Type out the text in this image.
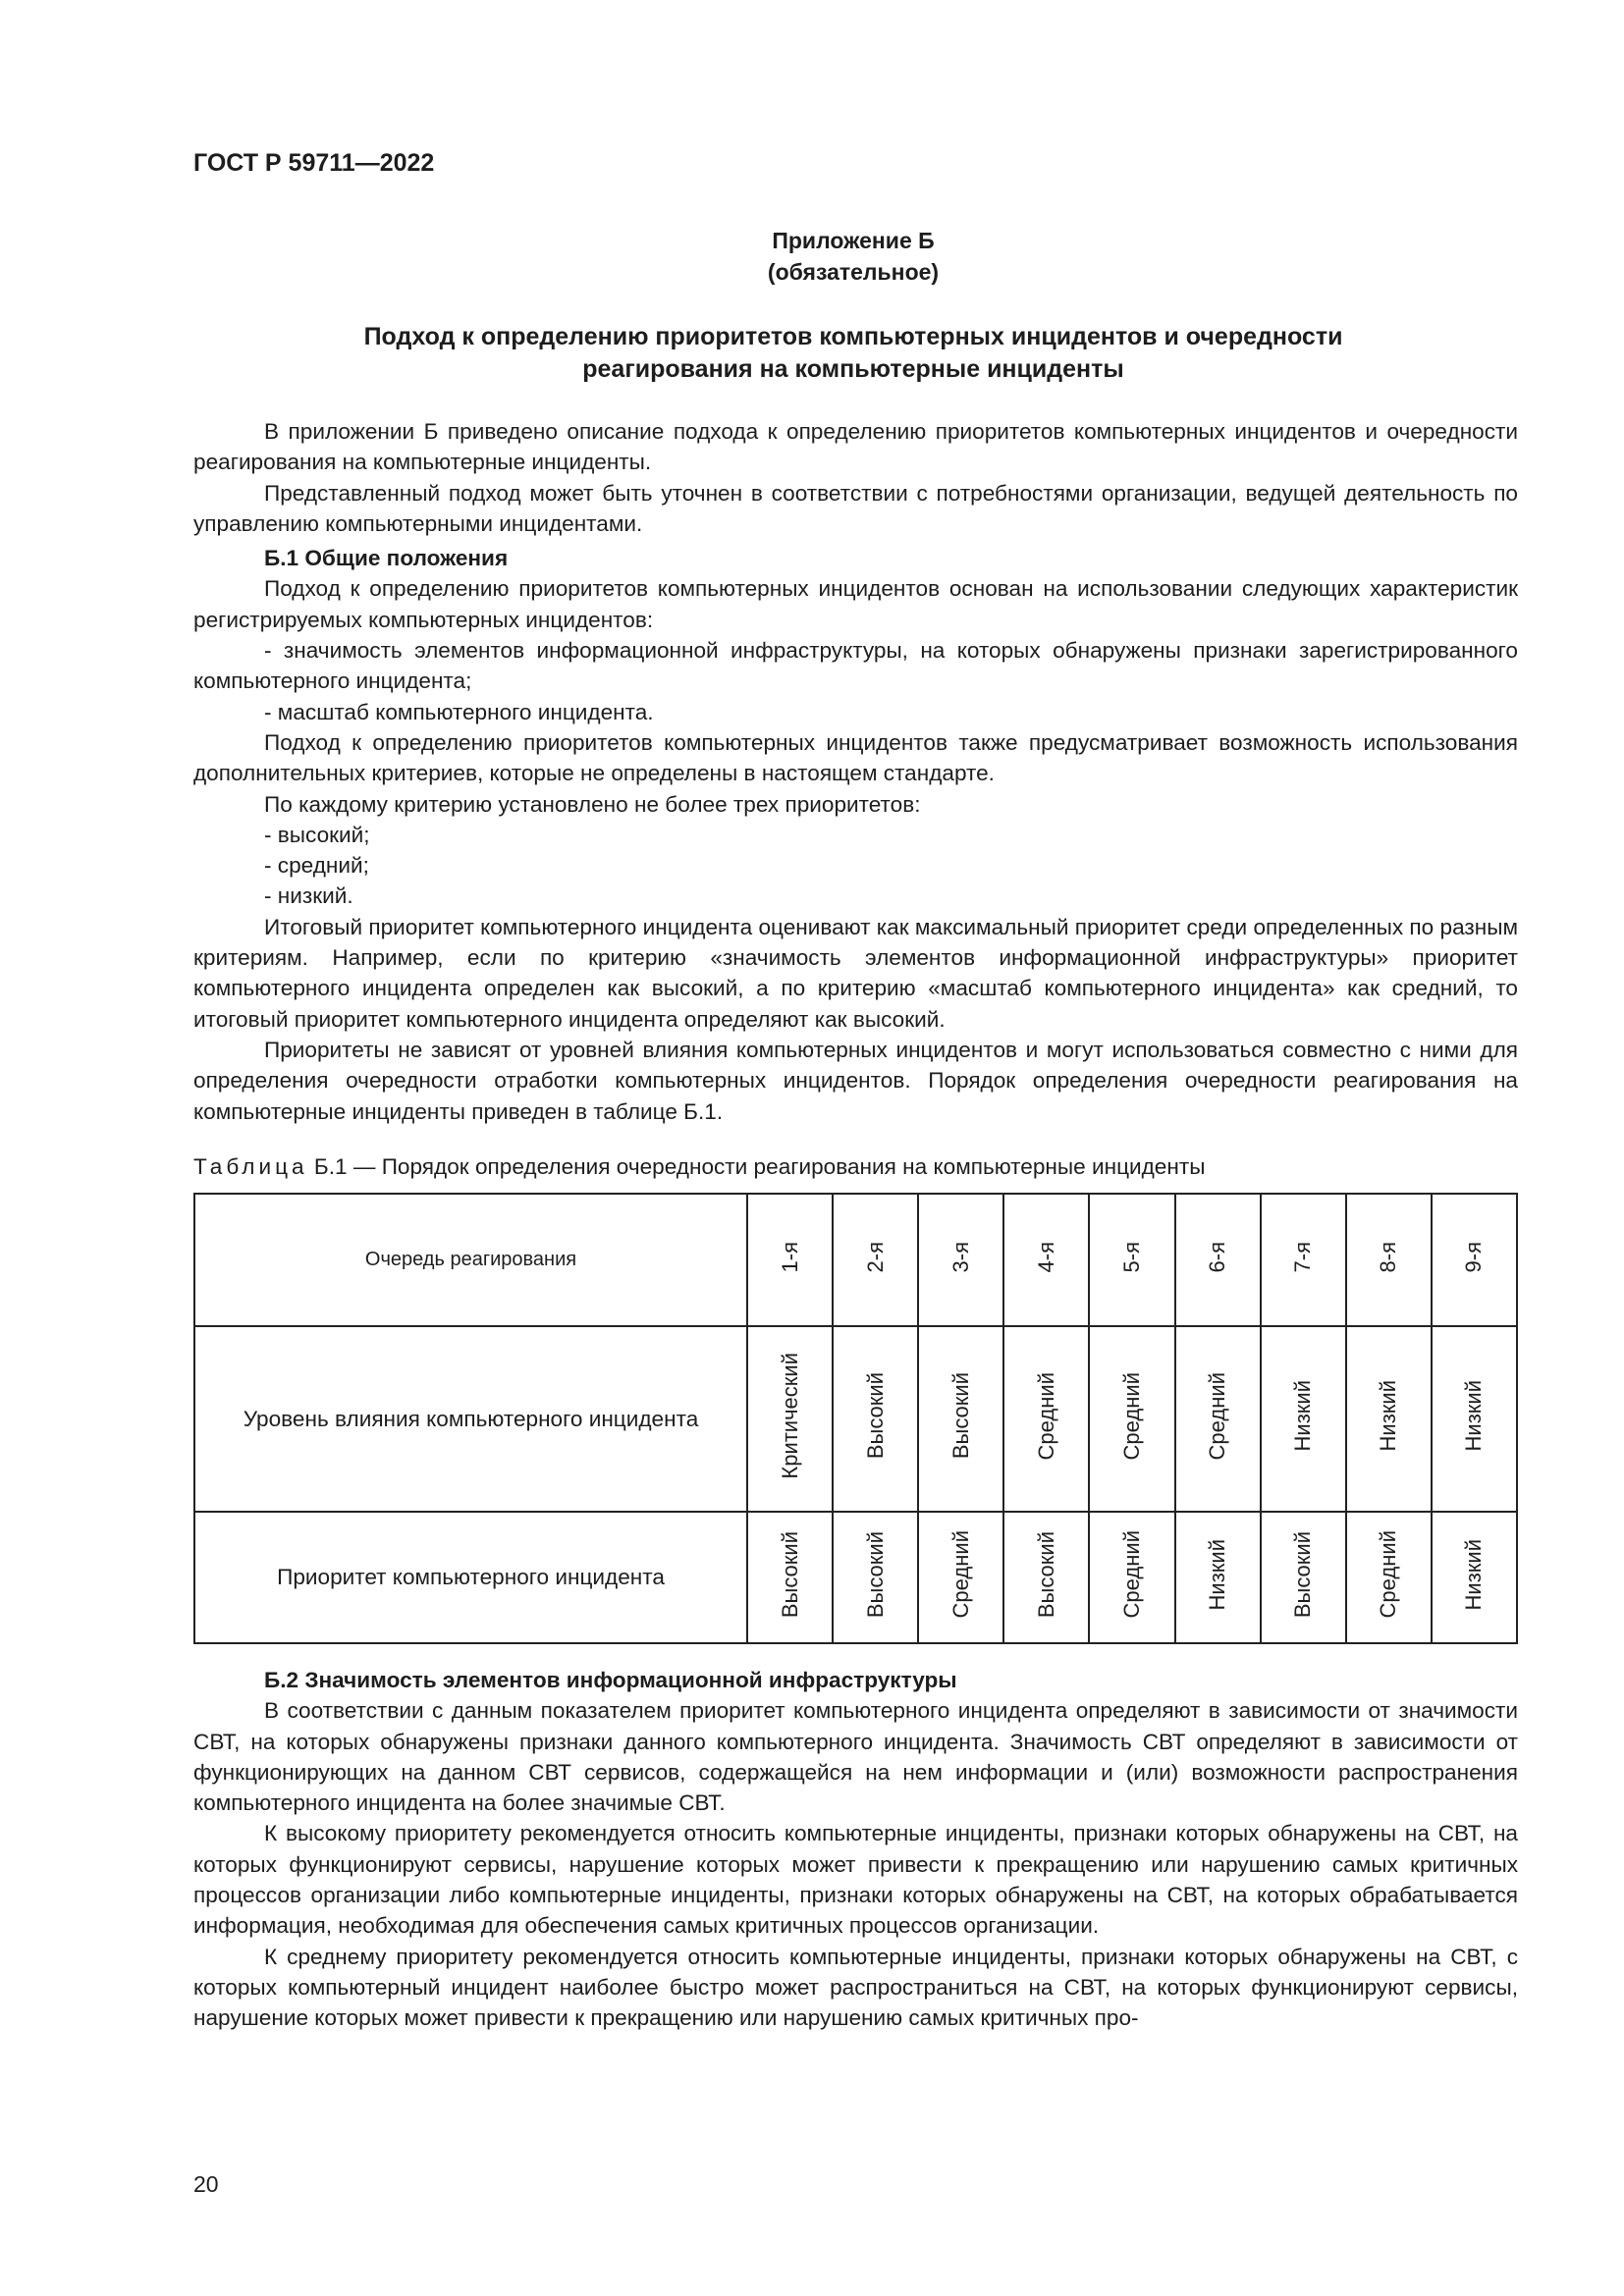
ГОСТ Р 59711—2022
Приложение Б
(обязательное)
Подход к определению приоритетов компьютерных инцидентов и очередности
реагирования на компьютерные инциденты

В приложении Б приведено описание подхода к определению приоритетов компьютерных инцидентов и очередности реагирования на компьютерные инциденты.

Представленный подход может быть уточнен в соответствии с потребностями организации, ведущей деятельность по управлению компьютерными инцидентами.

Б.1 Общие положения

Подход к определению приоритетов компьютерных инцидентов основан на использовании следующих характеристик регистрируемых компьютерных инцидентов:

- значимость элементов информационной инфраструктуры, на которых обнаружены признаки зарегистрированного компьютерного инцидента;

- масштаб компьютерного инцидента.

Подход к определению приоритетов компьютерных инцидентов также предусматривает возможность использования дополнительных критериев, которые не определены в настоящем стандарте.

По каждому критерию установлено не более трех приоритетов:

- высокий;

- средний;

- низкий.

Итоговый приоритет компьютерного инцидента оценивают как максимальный приоритет среди определенных по разным критериям. Например, если по критерию «значимость элементов информационной инфраструктуры» приоритет компьютерного инцидента определен как высокий, а по критерию «масштаб компьютерного инцидента» как средний, то итоговый приоритет компьютерного инцидента определяют как высокий.

Приоритеты не зависят от уровней влияния компьютерных инцидентов и могут использоваться совместно с ними для определения очередности отработки компьютерных инцидентов. Порядок определения очередности реагирования на компьютерные инциденты приведен в таблице Б.1.

Таблица Б.1 — Порядок определения очередности реагирования на компьютерные инциденты
Очередь реагирования	1-я	2-я	3-я	4-я	5-я	6-я	7-я	8-я	9-я
Уровень влияния компьютерного инцидента	Критический	Высокий	Высокий	Средний	Средний	Средний	Низкий	Низкий	Низкий
Приоритет компьютерного инцидента	Высокий	Высокий	Средний	Высокий	Средний	Низкий	Высокий	Средний	Низкий

Б.2 Значимость элементов информационной инфраструктуры

В соответствии с данным показателем приоритет компьютерного инцидента определяют в зависимости от значимости СВТ, на которых обнаружены признаки данного компьютерного инцидента. Значимость СВТ определяют в зависимости от функционирующих на данном СВТ сервисов, содержащейся на нем информации и (или) возможности распространения компьютерного инцидента на более значимые СВТ.

К высокому приоритету рекомендуется относить компьютерные инциденты, признаки которых обнаружены на СВТ, на которых функционируют сервисы, нарушение которых может привести к прекращению или нарушению самых критичных процессов организации либо компьютерные инциденты, признаки которых обнаружены на СВТ, на которых обрабатывается информация, необходимая для обеспечения самых критичных процессов организации.

К среднему приоритету рекомендуется относить компьютерные инциденты, признаки которых обнаружены на СВТ, с которых компьютерный инцидент наиболее быстро может распространиться на СВТ, на которых функционируют сервисы, нарушение которых может привести к прекращению или нарушению самых критичных про-

20
